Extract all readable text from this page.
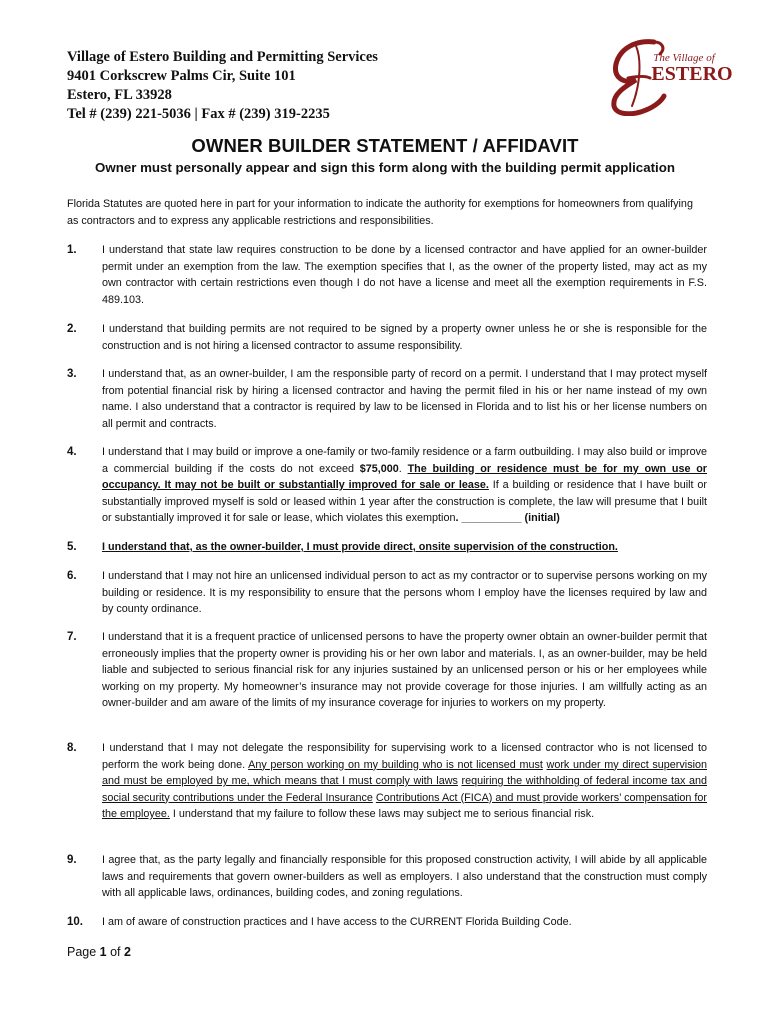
Village of Estero Building and Permitting Services
9401 Corkscrew Palms Cir, Suite 101
Estero, FL 33928
Tel # (239) 221-5036 | Fax # (239) 319-2235
The Village of
ESTERO
OWNER BUILDER STATEMENT / AFFIDAVIT
Owner must personally appear and sign this form along with the building permit application
Florida Statutes are quoted here in part for your information to indicate the authority for exemptions for homeowners from qualifying as contractors and to express any applicable restrictions and responsibilities.
1. I understand that state law requires construction to be done by a licensed contractor and have applied for an owner-builder permit under an exemption from the law. The exemption specifies that I, as the owner of the property listed, may act as my own contractor with certain restrictions even though I do not have a license and meet all the exemption requirements in F.S. 489.103.
2. I understand that building permits are not required to be signed by a property owner unless he or she is responsible for the construction and is not hiring a licensed contractor to assume responsibility.
3. I understand that, as an owner-builder, I am the responsible party of record on a permit. I understand that I may protect myself from potential financial risk by hiring a licensed contractor and having the permit filed in his or her name instead of my own name. I also understand that a contractor is required by law to be licensed in Florida and to list his or her license numbers on all permit and contracts.
4. I understand that I may build or improve a one-family or two-family residence or a farm outbuilding. I may also build or improve a commercial building if the costs do not exceed $75,000. The building or residence must be for my own use or occupancy. It may not be built or substantially improved for sale or lease. If a building or residence that I have built or substantially improved myself is sold or leased within 1 year after the construction is complete, the law will presume that I built or substantially improved it for sale or lease, which violates this exemption. __________ (initial)
5. I understand that, as the owner-builder, I must provide direct, onsite supervision of the construction.
6. I understand that I may not hire an unlicensed individual person to act as my contractor or to supervise persons working on my building or residence. It is my responsibility to ensure that the persons whom I employ have the licenses required by law and by county ordinance.
7. I understand that it is a frequent practice of unlicensed persons to have the property owner obtain an owner-builder permit that erroneously implies that the property owner is providing his or her own labor and materials. I, as an owner-builder, may be held liable and subjected to serious financial risk for any injuries sustained by an unlicensed person or his or her employees while working on my property. My homeowner’s insurance may not provide coverage for those injuries. I am willfully acting as an owner-builder and am aware of the limits of my insurance coverage for injuries to workers on my property.
8. I understand that I may not delegate the responsibility for supervising work to a licensed contractor who is not licensed to perform the work being done. Any person working on my building who is not licensed must work under my direct supervision and must be employed by me, which means that I must comply with laws requiring the withholding of federal income tax and social security contributions under the Federal Insurance Contributions Act (FICA) and must provide workers’ compensation for the employee. I understand that my failure to follow these laws may subject me to serious financial risk.
9. I agree that, as the party legally and financially responsible for this proposed construction activity, I will abide by all applicable laws and requirements that govern owner-builders as well as employers. I also understand that the construction must comply with all applicable laws, ordinances, building codes, and zoning regulations.
10. I am of aware of construction practices and I have access to the CURRENT Florida Building Code.
Page 1 of 2
